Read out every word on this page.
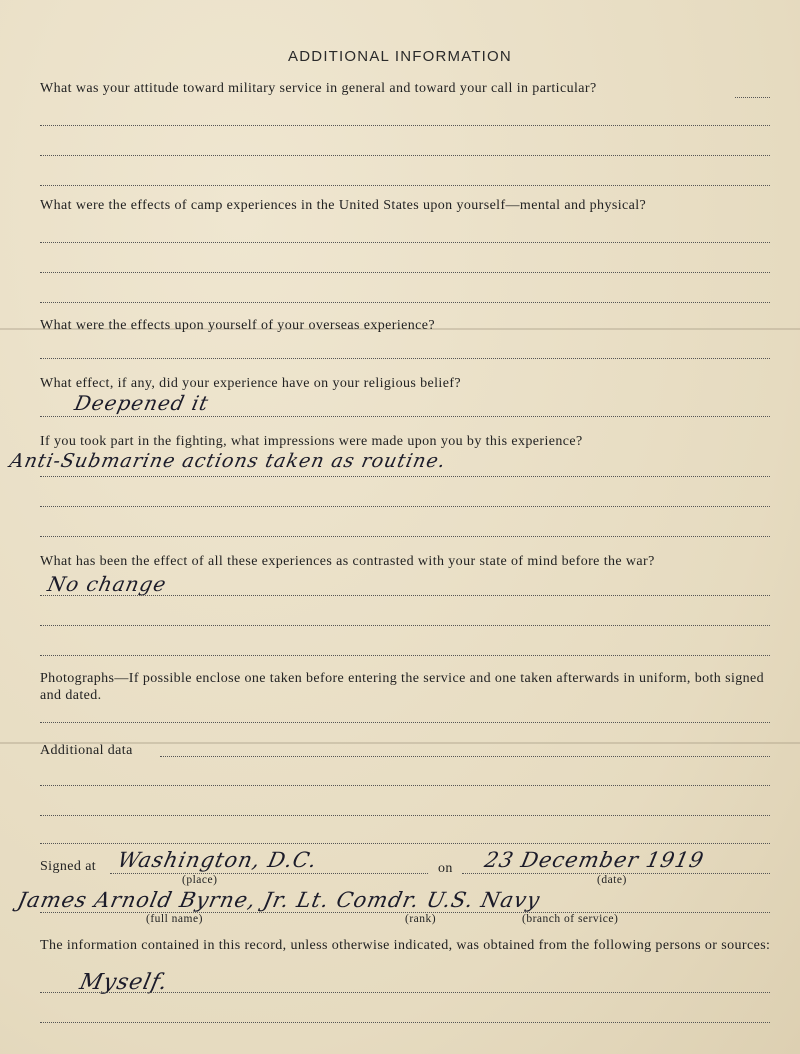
ADDITIONAL INFORMATION
What was your attitude toward military service in general and toward your call in particular?
What were the effects of camp experiences in the United States upon yourself—mental and physical?
What were the effects upon yourself of your overseas experience?
What effect, if any, did your experience have on your religious belief?
Deepened it
If you took part in the fighting, what impressions were made upon you by this experience?
Anti-Submarine actions taken as routine.
What has been the effect of all these experiences as contrasted with your state of mind before the war?
No change
Photographs—If possible enclose one taken before entering the service and one taken afterwards in uniform, both signed and dated.
Additional data
Signed at Washington, D.C.	on 23 December 1919
(place)	(date)
James Arnold Byrne, Jr. Lt. Comdr. U.S. Navy
(full name)	(rank)	(branch of service)
The information contained in this record, unless otherwise indicated, was obtained from the following persons or sources:
Myself.
